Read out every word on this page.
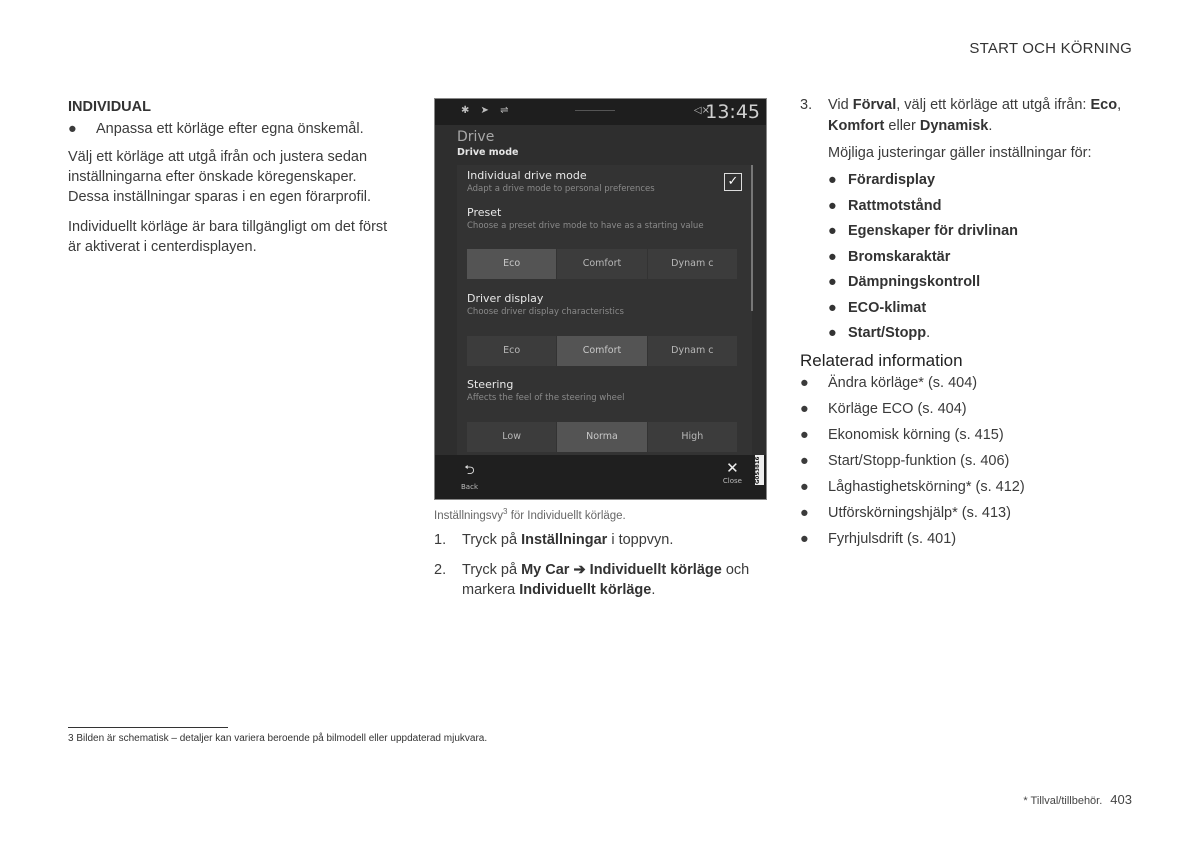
START OCH KÖRNING
INDIVIDUAL
●	Anpassa ett körläge efter egna önskemål.

Välj ett körläge att utgå ifrån och justera sedan inställningarna efter önskade köregenskaper. Dessa inställningar sparas i en egen förarprofil.

Individuellt körläge är bara tillgängligt om det först är aktiverat i centerdisplayen.

✱ ➤ ⇌	◁×
13:45
Drive
Drive mode
Individual drive mode
Adapt a drive mode to personal preferences	✓
Preset
Choose a preset drive mode to have as a starting value
Eco	Comfort	Dynam c
Driver display
Choose driver display characteristics
Eco	Comfort	Dynam c
Steering
Affects the feel of the steering wheel
Low	Norma	High
⮌
Back
✕
Close G053816
Inställningsvy$^3$ för Individuellt körläge.
1.	Tryck på Inställningar i toppvyn.
2.	Tryck på My Car ➔ Individuellt körläge och markera Individuellt körläge.
3.	Vid Förval, välj ett körläge att utgå ifrån: Eco, Komfort eller Dynamisk.
Möjliga justeringar gäller inställningar för:
● Förardisplay
● Rattmotstånd
● Egenskaper för drivlinan
● Bromskaraktär
● Dämpningskontroll
● ECO-klimat
● Start/Stopp .
Relaterad information
●	Ändra körläge* (s. 404)
●	Körläge ECO (s. 404)
●	Ekonomisk körning (s. 415)
●	Start/Stopp-funktion (s. 406)
●	Låghastighetskörning* (s. 412)
●	Utförskörningshjälp* (s. 413)
●	Fyrhjulsdrift (s. 401)
3 Bilden är schematisk – detaljer kan variera beroende på bilmodell eller uppdaterad mjukvara.
* Tillval/tillbehör. 403
